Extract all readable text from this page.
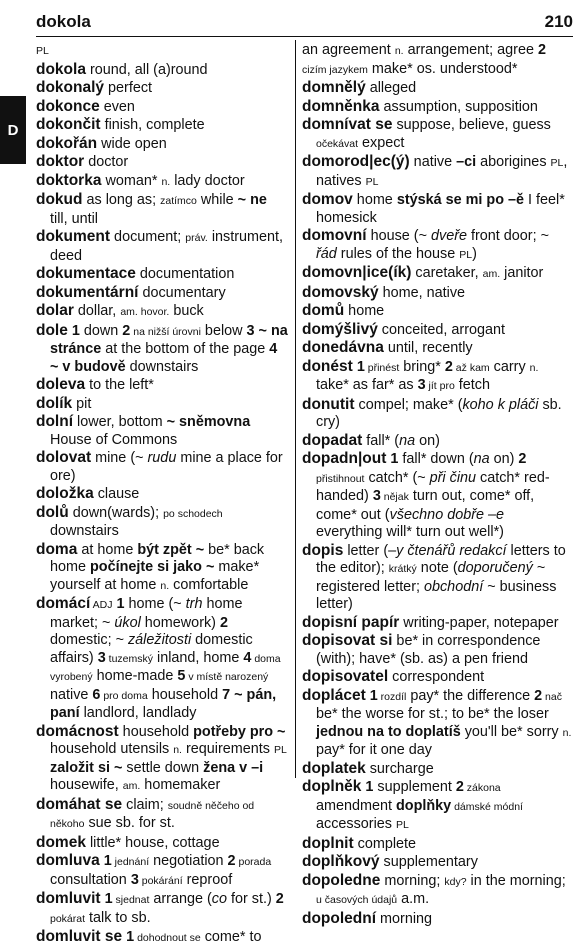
dokola	210
D

PL

dokola round, all (a)round

dokonalý perfect

dokonce even

dokončit finish, complete

dokořán wide open

doktor doctor

doktorka woman* n. lady doctor

dokud as long as; zatímco while ~ ne till, until

dokument document; práv. instrument, deed

dokumentace documentation

dokumentární documentary

dolar dollar, am. hovor. buck

dole 1 down 2 na nižší úrovni below 3 ~ na stránce at the bottom of the page 4 ~ v budově downstairs

doleva to the left*

dolík pit

dolní lower, bottom ~ sněmovna House of Commons

dolovat mine (~ rudu mine a place for ore)

doložka clause

dolů down(wards); po schodech downstairs

doma at home být zpět ~ be* back home počínejte si jako ~ make* yourself at home n. comfortable

domácí ADJ 1 home (~ trh home market; ~ úkol homework) 2 domestic; ~ záležitosti domestic affairs) 3 tuzemský inland, home 4 doma vyrobený home-made 5 v místě narozený native 6 pro doma household 7 ~ pán, paní landlord, landlady

domácnost household potřeby pro ~ household utensils n. requirements PL založit si ~ settle down žena v –i housewife, am. homemaker

domáhat se claim; soudně něčeho od někoho sue sb. for st.

domek little* house, cottage

domluva 1 jednání negotiation 2 porada consultation 3 pokárání reproof

domluvit 1 sjednat arrange (co for st.) 2 pokárat talk to sb.

domluvit se 1 dohodnout se come* to

an agreement n. arrangement; agree 2 cizím jazykem make* os. understood*

domnělý alleged

domněnka assumption, supposition

domnívat se suppose, believe, guess očekávat expect

domorod|ec(ý) native –ci aborigines PL, natives PL

domov home stýská se mi po –ě I feel* homesick

domovní house (~ dveře front door; ~ řád rules of the house PL)

domovn|ice(ík) caretaker, am. janitor

domovský home, native

domů home

domýšlivý conceited, arrogant

donedávna until, recently

donést 1 přinést bring* 2 až kam carry n. take* as far* as 3 jít pro fetch

donutit compel; make* (koho k pláči sb. cry)

dopadat fall* (na on)

dopadn|out 1 fall* down (na on) 2 přistihnout catch* (~ při činu catch* red-handed) 3 nějak turn out, come* off, come* out (všechno dobře –e everything will* turn out well*)

dopis letter (–y čtenářů redakcí letters to the editor); krátký note (doporučený ~ registered letter; obchodní ~ business letter)

dopisní papír writing-paper, notepaper

dopisovat si be* in correspondence (with); have* (sb. as) a pen friend

dopisovatel correspondent

doplácet 1 rozdíl pay* the difference 2 nač be* the worse for st.; to be* the loser jednou na to doplatíš you'll be* sorry n. pay* for it one day

doplatek surcharge

doplněk 1 supplement 2 zákona amendment doplňky dámské módní accessories PL

doplnit complete

doplňkový supplementary

dopoledne morning; kdy? in the morning; u časových údajů a.m.

dopolední morning
